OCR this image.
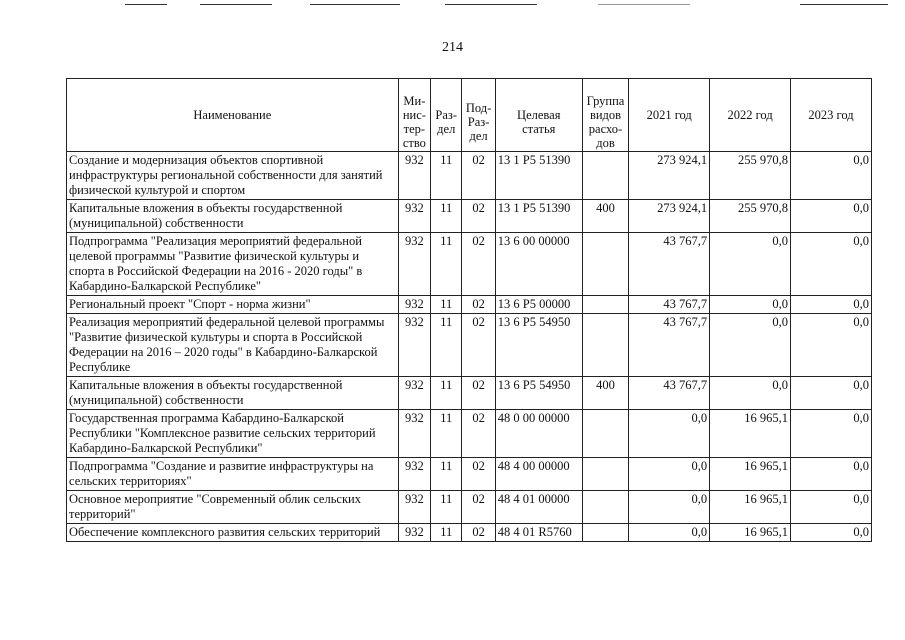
214
Наименование	Ми-
нис-
тер-
ство	Раз-
дел	Под-
Раз-
дел	Целевая
статья	Группа
видов
расхо-
дов	2021 год	2022 год	2023 год
Создание и модернизация объектов спортивной инфраструктуры региональной собственности для занятий физической культурой и спортом	932	11	02	13 1 Р5 51390		273 924,1	255 970,8	0,0
Капитальные вложения в объекты государственной (муниципальной) собственности	932	11	02	13 1 Р5 51390	400	273 924,1	255 970,8	0,0
Подпрограмма "Реализация мероприятий федеральной целевой программы "Развитие физической культуры и спорта в Российской Федерации на 2016 - 2020 годы" в Кабардино-Балкарской Республике"	932	11	02	13 6 00 00000		43 767,7	0,0	0,0
Региональный проект "Спорт - норма жизни"	932	11	02	13 6 Р5 00000		43 767,7	0,0	0,0
Реализация мероприятий федеральной целевой программы "Развитие физической культуры и спорта в Российской Федерации на 2016 – 2020 годы" в Кабардино-Балкарской Республике	932	11	02	13 6 Р5 54950		43 767,7	0,0	0,0
Капитальные вложения в объекты государственной (муниципальной) собственности	932	11	02	13 6 Р5 54950	400	43 767,7	0,0	0,0
Государственная программа Кабардино-Балкарской Республики "Комплексное развитие сельских территорий Кабардино-Балкарской Республики"	932	11	02	48 0 00 00000		0,0	16 965,1	0,0
Подпрограмма "Создание и развитие инфраструктуры на сельских территориях"	932	11	02	48 4 00 00000		0,0	16 965,1	0,0
Основное мероприятие "Современный облик сельских территорий"	932	11	02	48 4 01 00000		0,0	16 965,1	0,0
Обеспечение комплексного развития сельских территорий	932	11	02	48 4 01 R5760		0,0	16 965,1	0,0
